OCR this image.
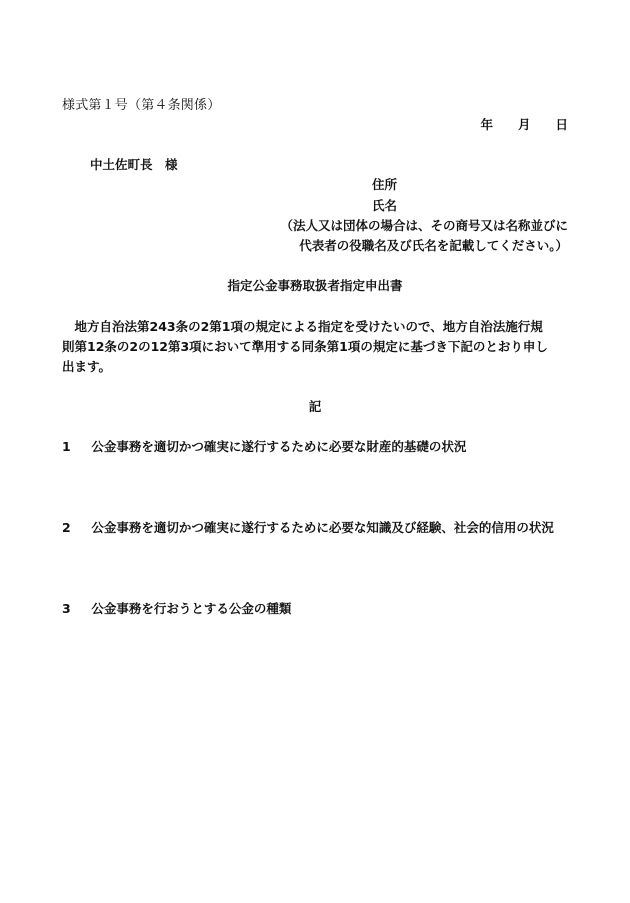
様式第１号（第４条関係）
年　　月　　日
中土佐町長　様
住所
氏名
（法人又は団体の場合は、その商号又は名称並びに
代表者の役職名及び氏名を記載してください。）
指定公金事務取扱者指定申出書
　地方自治法第243条の2第1項の規定による指定を受けたいので、地方自治法施行規
則第12条の2の12第3項において準用する同条第1項の規定に基づき下記のとおり申し
出ます。
記
1 公金事務を適切かつ確実に遂行するために必要な財産的基礎の状況
2 公金事務を適切かつ確実に遂行するために必要な知識及び経験、社会的信用の状況
3 公金事務を行おうとする公金の種類
